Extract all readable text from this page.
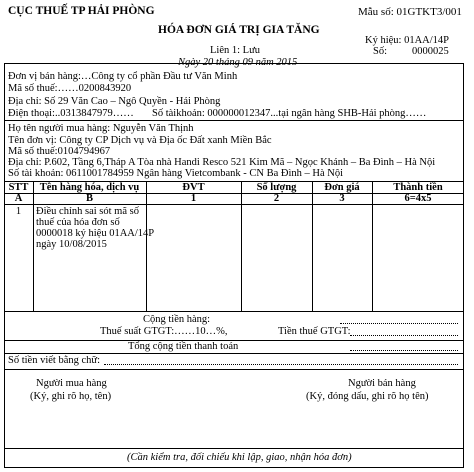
CỤC THUẾ TP HẢI PHÒNG	Mẫu số: 01GTKT3/001
HÓA ĐƠN GIÁ TRỊ GIA TĂNG
Ký hiệu: 01AA/14P
Liên 1: Lưu	Số: 0000025
Ngày 20 tháng 09 năm 2015
Đơn vị bán hàng:…Công ty cổ phần Đầu tư Văn Minh
Mã số thuế:……0200843920
Địa chỉ: Số 29 Văn Cao – Ngô Quyền - Hải Phòng
Điện thoại:..0313847979…… Số tàikhoản: 000000012347...tại ngân hàng SHB-Hải phòng……
Họ tên người mua hàng: Nguyễn Văn Thịnh
Tên đơn vị: Công ty CP Dịch vụ và Địa ốc Đất xanh Miền Bắc
Mã số thuế:0104794967
Địa chỉ: P.602, Tầng 6,Tháp A Tòa nhà Handi Resco 521 Kim Mã – Ngọc Khánh – Ba Đình – Hà Nội
Số tài khoản: 0611001784959 Ngân hàng Vietcombank - CN Ba Đình – Hà Nội
STT	Tên hàng hóa, dịch vụ	ĐVT	Số lượng	Đơn giá	Thành tiền
A	B	1	2	3	6=4x5
1	Điều chỉnh sai sót mã số
thuế của hóa đơn số
0000018 ký hiệu 01AA/14P
ngày 10/08/2015
Cộng tiền hàng:
Thuế suất GTGT:……10…%,	Tiền thuế GTGT:
Tổng cộng tiền thanh toán
Số tiền viết bằng chữ:
Người mua hàng
(Ký, ghi rõ họ, tên)
Người bán hàng
(Ký, đóng dấu, ghi rõ họ tên)
(Cần kiểm tra, đối chiếu khi lập, giao, nhận hóa đơn)
